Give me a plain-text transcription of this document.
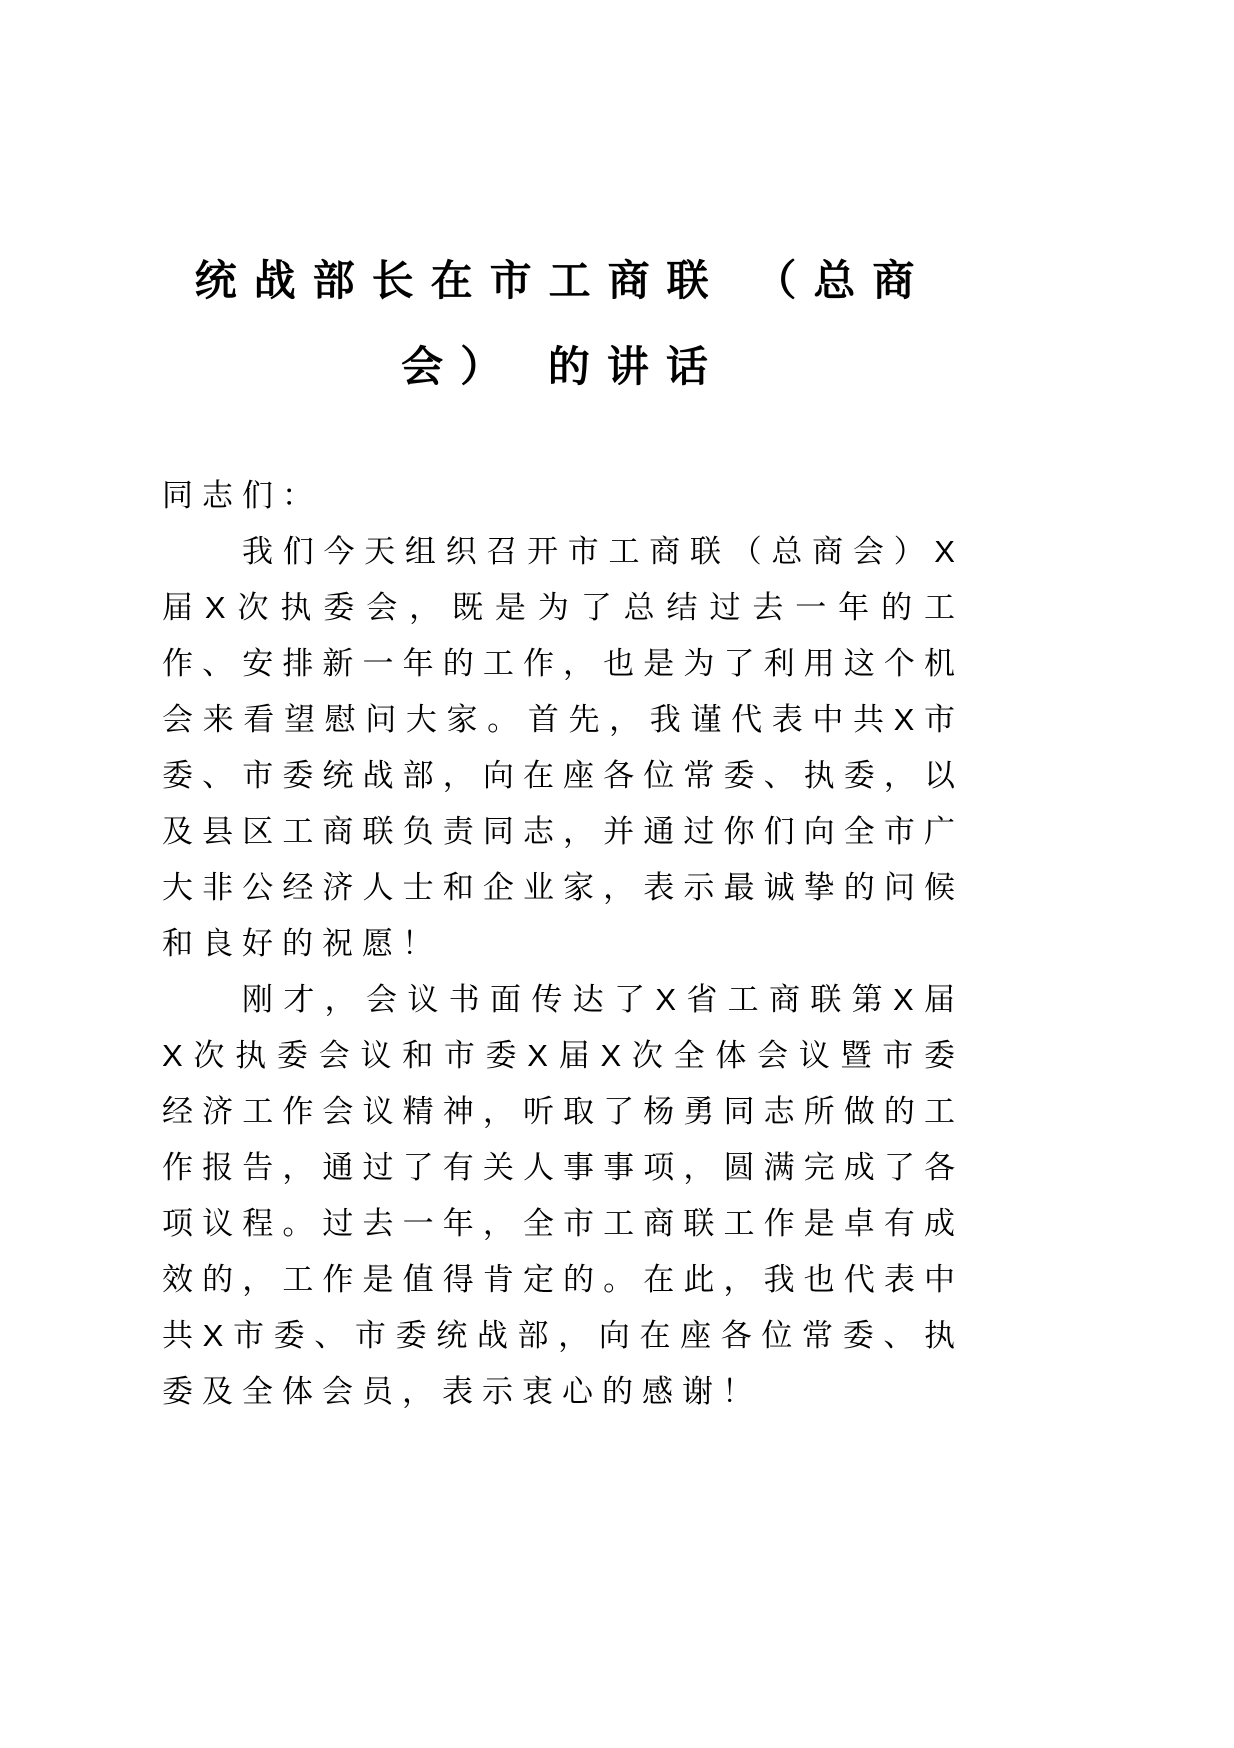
统战部长在市工商联 （总商
会） 的讲话

同志们：

我们今天组织召开市工商联（总商会）X届X次执委会，既是为了总结过去一年的工作、安排新一年的工作，也是为了利用这个机会来看望慰问大家。首先，我谨代表中共X市委、市委统战部，向在座各位常委、执委，以及县区工商联负责同志，并通过你们向全市广大非公经济人士和企业家，表示最诚挚的问候和良好的祝愿！

刚才，会议书面传达了X省工商联第X届X次执委会议和市委X届X次全体会议暨市委经济工作会议精神，听取了杨勇同志所做的工作报告，通过了有关人事事项，圆满完成了各项议程。过去一年，全市工商联工作是卓有成效的，工作是值得肯定的。在此，我也代表中共X市委、市委统战部，向在座各位常委、执委及全体会员，表示衷心的感谢！
